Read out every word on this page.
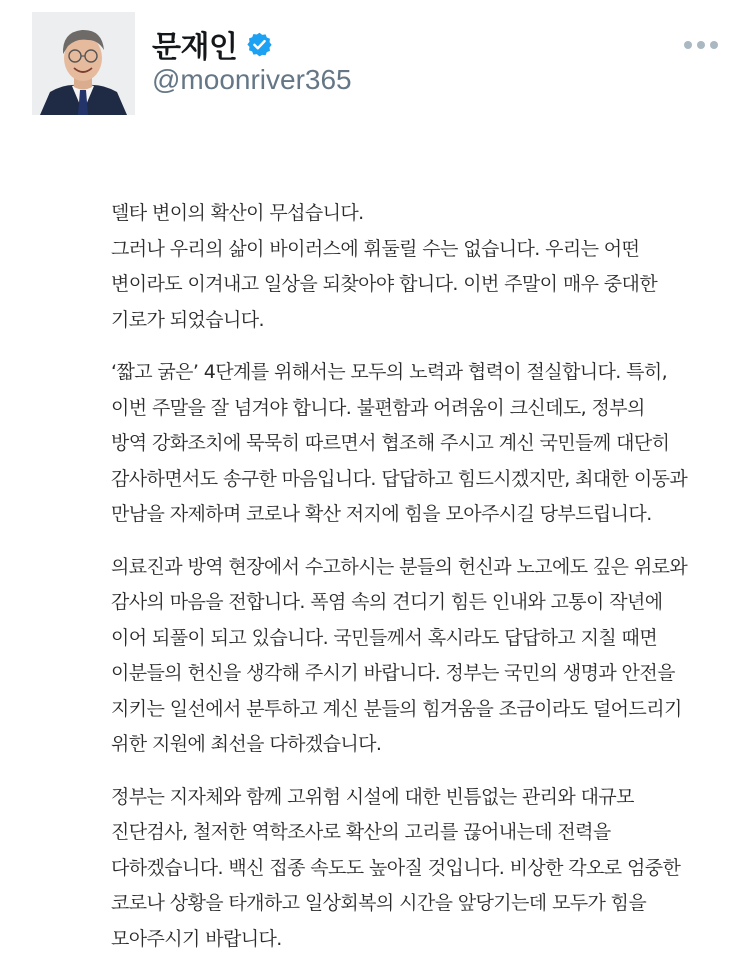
문재인
@moonriver365

델타 변이의 확산이 무섭습니다.
그러나 우리의 삶이 바이러스에 휘둘릴 수는 없습니다. 우리는 어떤
변이라도 이겨내고 일상을 되찾아야 합니다. 이번 주말이 매우 중대한
기로가 되었습니다.

‘짧고 굵은’ 4단계를 위해서는 모두의 노력과 협력이 절실합니다. 특히,
이번 주말을 잘 넘겨야 합니다. 불편함과 어려움이 크신데도, 정부의
방역 강화조치에 묵묵히 따르면서 협조해 주시고 계신 국민들께 대단히
감사하면서도 송구한 마음입니다. 답답하고 힘드시겠지만, 최대한 이동과
만남을 자제하며 코로나 확산 저지에 힘을 모아주시길 당부드립니다.

의료진과 방역 현장에서 수고하시는 분들의 헌신과 노고에도 깊은 위로와
감사의 마음을 전합니다. 폭염 속의 견디기 힘든 인내와 고통이 작년에
이어 되풀이 되고 있습니다. 국민들께서 혹시라도 답답하고 지칠 때면
이분들의 헌신을 생각해 주시기 바랍니다. 정부는 국민의 생명과 안전을
지키는 일선에서 분투하고 계신 분들의 힘겨움을 조금이라도 덜어드리기
위한 지원에 최선을 다하겠습니다.

정부는 지자체와 함께 고위험 시설에 대한 빈틈없는 관리와 대규모
진단검사, 철저한 역학조사로 확산의 고리를 끊어내는데 전력을
다하겠습니다. 백신 접종 속도도 높아질 것입니다. 비상한 각오로 엄중한
코로나 상황을 타개하고 일상회복의 시간을 앞당기는데 모두가 힘을
모아주시기 바랍니다.
